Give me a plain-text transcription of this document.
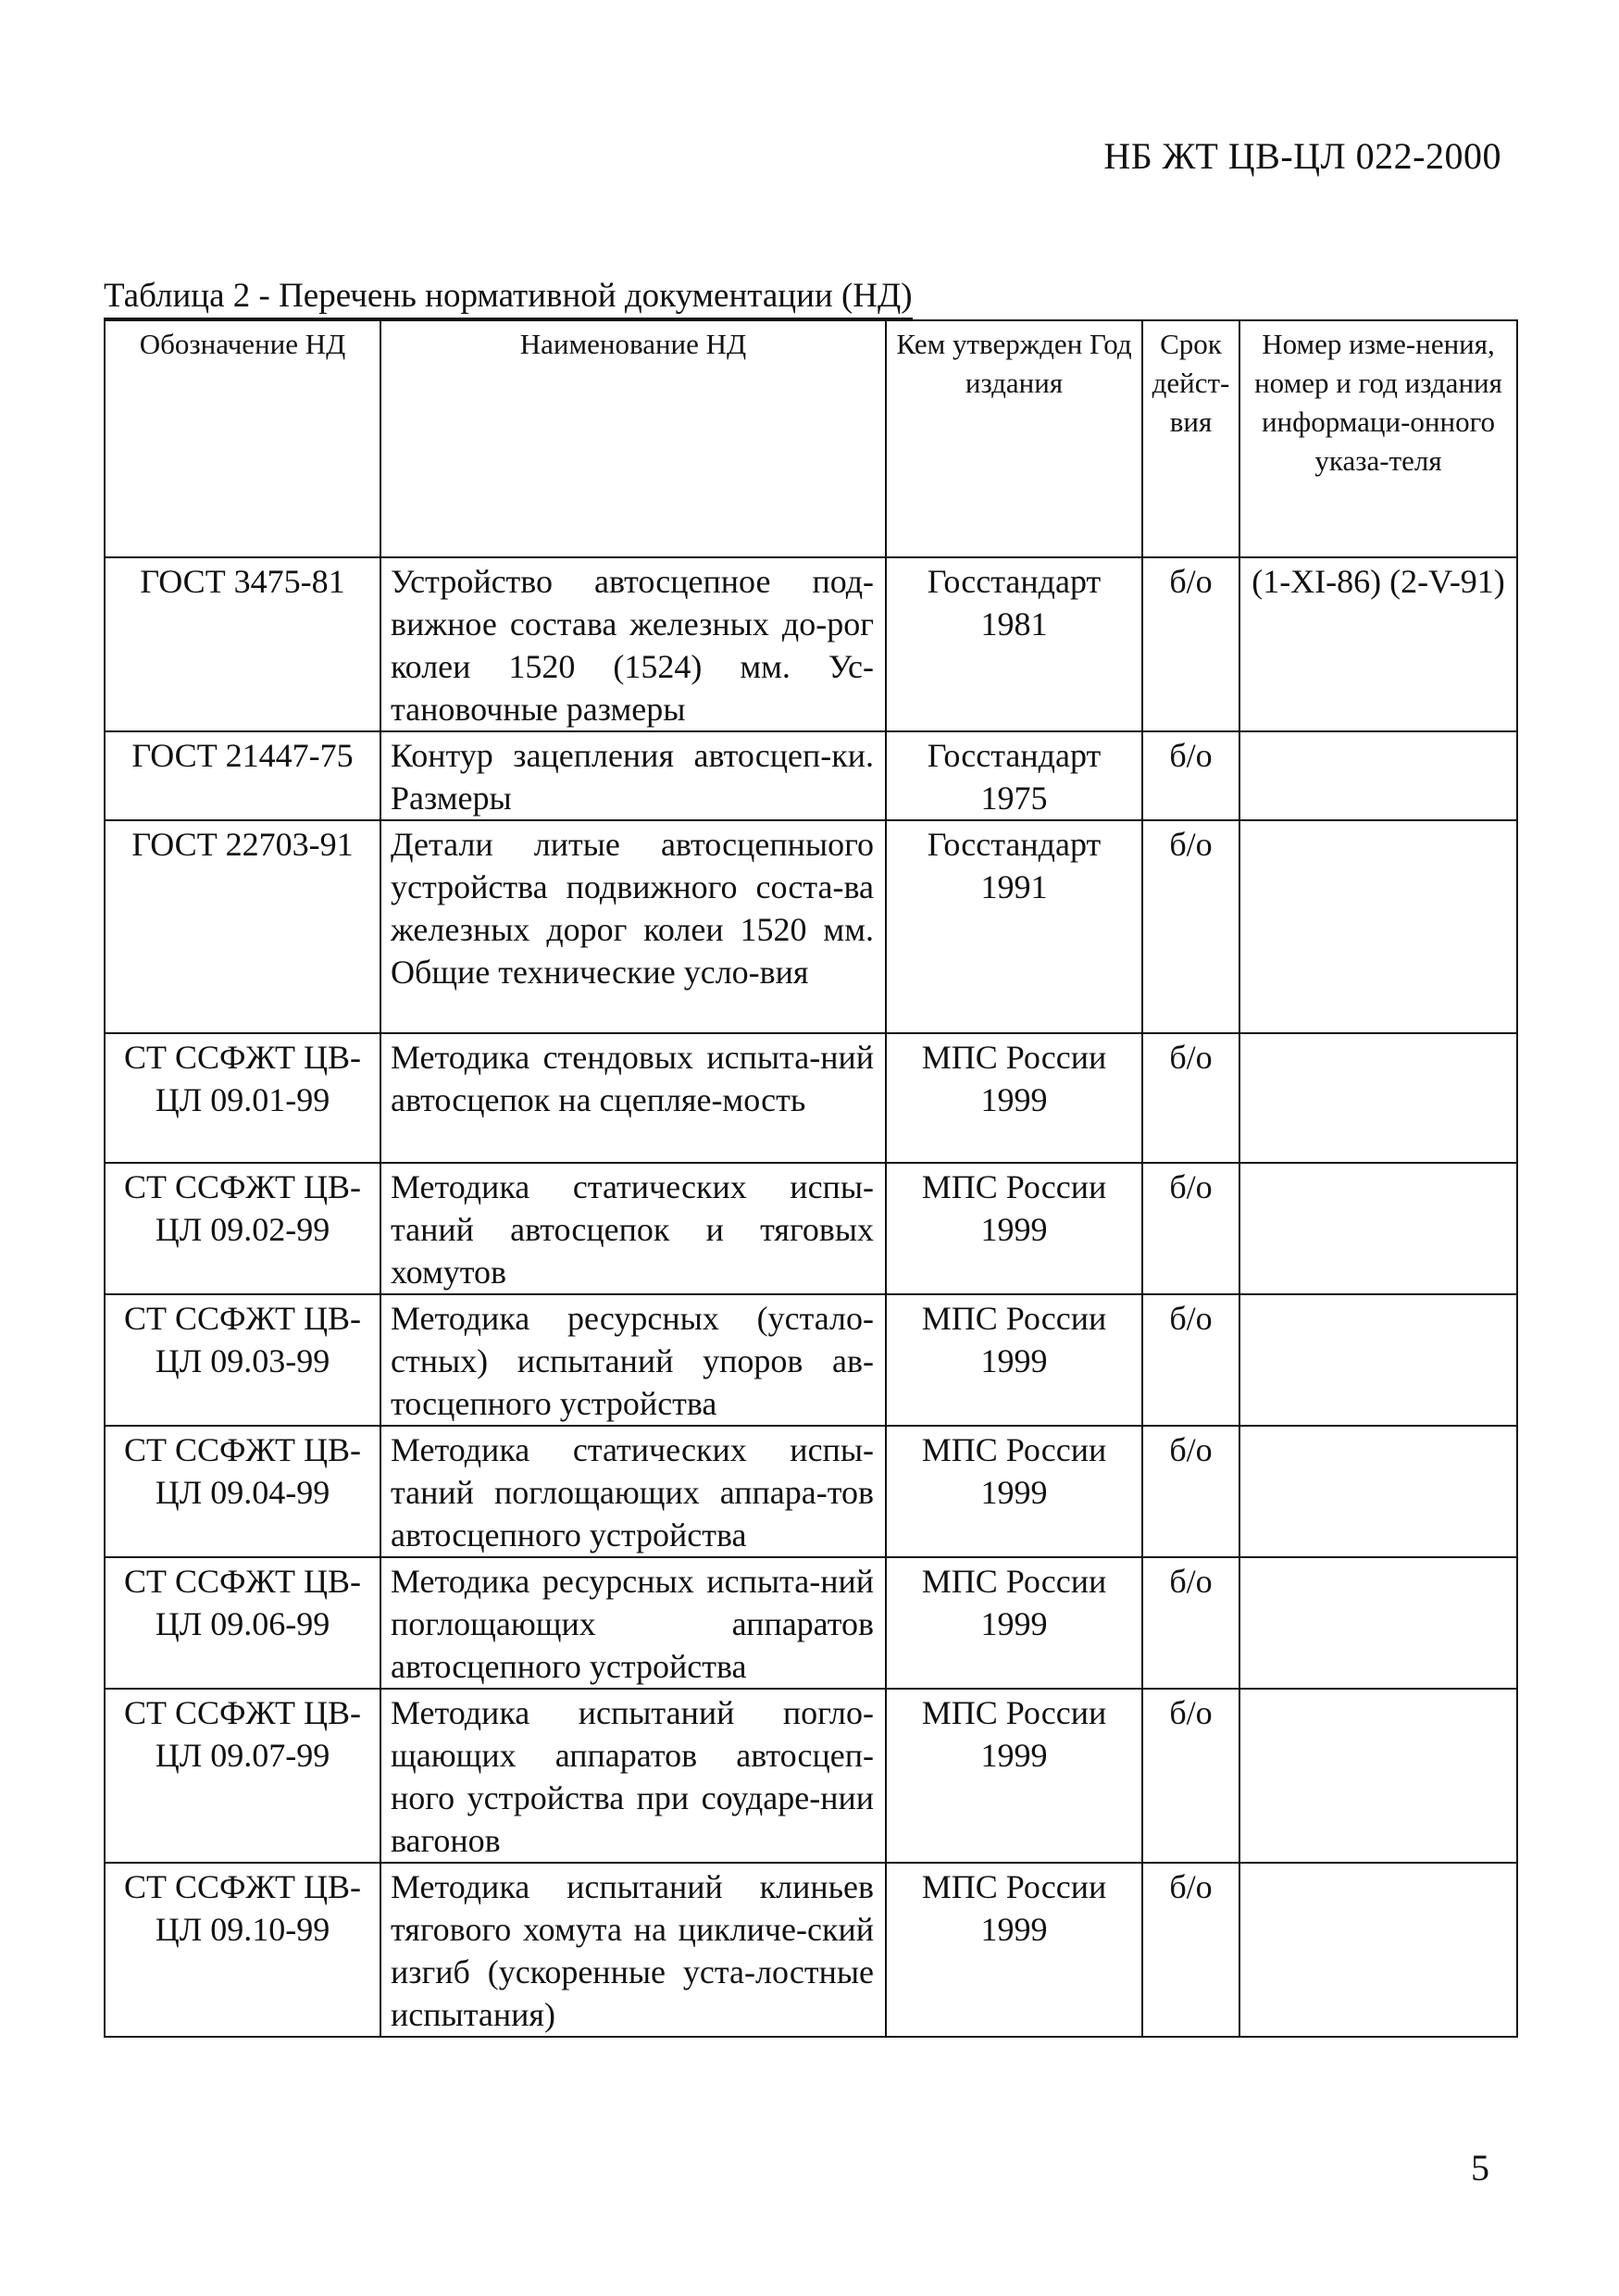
НБ ЖТ ЦВ-ЦЛ 022-2000
Таблица 2 - Перечень нормативной документации (НД)
Обозначение НД	Наименование НД	Кем утвержден Год издания	Срок дейст-вия	Номер изме-нения, номер и год издания информаци-онного указа-теля
ГОСТ 3475-81	Устройство автосцепное под-вижное состава железных до-рог колеи 1520 (1524) мм. Ус-тановочные размеры	Госстандарт 1981	б/о	(1-XI-86) (2-V-91)
ГОСТ 21447-75	Контур зацепления автосцеп-ки. Размеры	Госстандарт 1975	б/о	
ГОСТ 22703-91	Детали литые автосцепныого устройства подвижного соста-ва железных дорог колеи 1520 мм. Общие технические усло-вия	Госстандарт 1991	б/о	
СТ ССФЖТ ЦВ-ЦЛ 09.01-99	Методика стендовых испыта-ний автосцепок на сцепляе-мость	МПС России 1999	б/о	
СТ ССФЖТ ЦВ-ЦЛ 09.02-99	Методика статических испы-таний автосцепок и тяговых хомутов	МПС России 1999	б/о	
СТ ССФЖТ ЦВ-ЦЛ 09.03-99	Методика ресурсных (устало-стных) испытаний упоров ав-тосцепного устройства	МПС России 1999	б/о	
СТ ССФЖТ ЦВ-ЦЛ 09.04-99	Методика статических испы-таний поглощающих аппара-тов автосцепного устройства	МПС России 1999	б/о	
СТ ССФЖТ ЦВ-ЦЛ 09.06-99	Методика ресурсных испыта-ний поглощающих аппаратов автосцепного устройства	МПС России 1999	б/о	
СТ ССФЖТ ЦВ-ЦЛ 09.07-99	Методика испытаний погло-щающих аппаратов автосцеп-ного устройства при соударе-нии вагонов	МПС России 1999	б/о	
СТ ССФЖТ ЦВ-ЦЛ 09.10-99	Методика испытаний клиньев тягового хомута на цикличе-ский изгиб (ускоренные уста-лостные испытания)	МПС России 1999	б/о	
5
